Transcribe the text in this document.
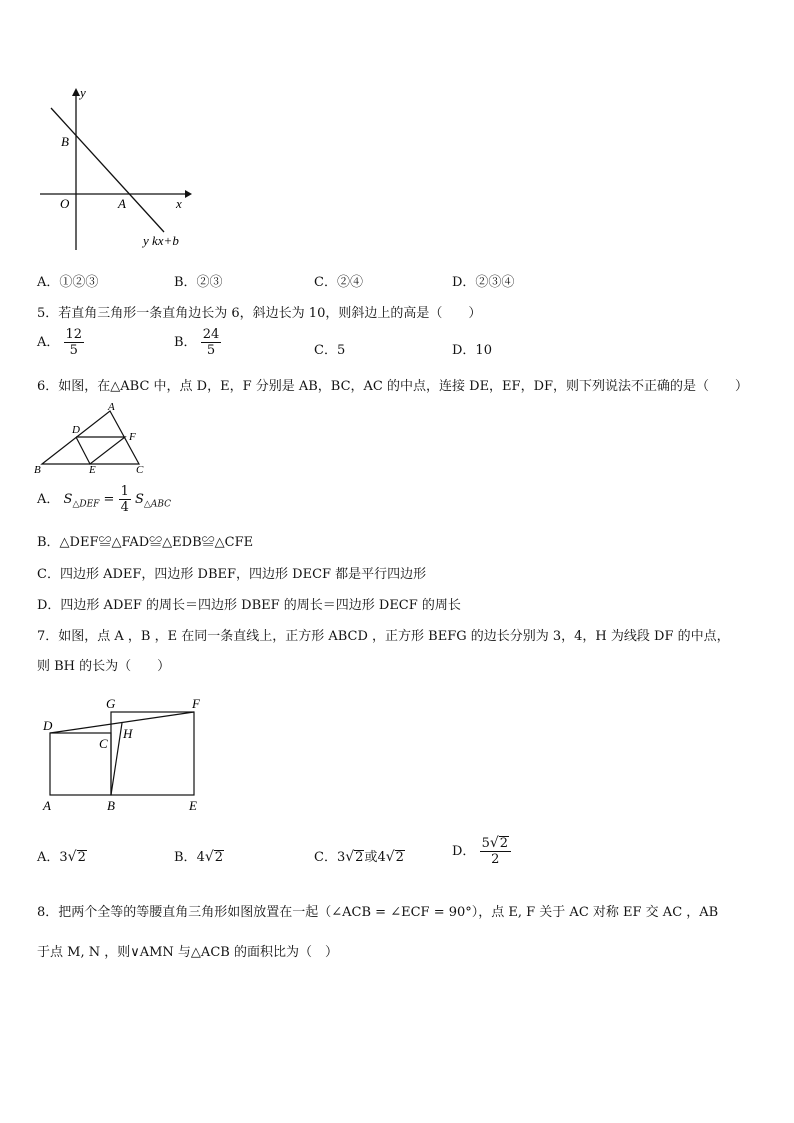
y
x
O	A
B
y kx+b
A．①②③	B．②③	C．②④	D．②③④
5．若直角三角形一条直角边长为 6，斜边长为 10，则斜边上的高是（　　）
A． $\frac{12}{5}$	B． $\frac{24}{5}$	C．5	D．10
6．如图，在△ABC 中，点 D，E，F 分别是 AB，BC，AC 的中点，连接 DE，EF，DF，则下列说法不正确的是（　　）
A
B	C
D
E
F
A． $S_{\triangle DEF} = \frac{1}{4} S_{\triangle ABC}$
B．△DEF≌△FAD≌△EDB≌△CFE
C．四边形 ADEF，四边形 DBEF，四边形 DECF 都是平行四边形
D．四边形 ADEF 的周长＝四边形 DBEF 的周长＝四边形 DECF 的周长
7．如图，点 A ，B ，E 在同一条直线上，正方形 ABCD ，正方形 BEFG 的边长分别为 3，4，H 为线段 DF 的中点，
则 BH 的长为（　　）
D
G	F
C
H
A	B	E
A．3√2	B．4√2	C．3√2或4√2	D． $\frac{5√2}{2}$
8．把两个全等的等腰直角三角形如图放置在一起（∠ACB = ∠ECF = 90°），点 E, F 关于 AC 对称 EF 交 AC ，AB
于点 M, N ，则∨AMN 与△ACB 的面积比为（　）
